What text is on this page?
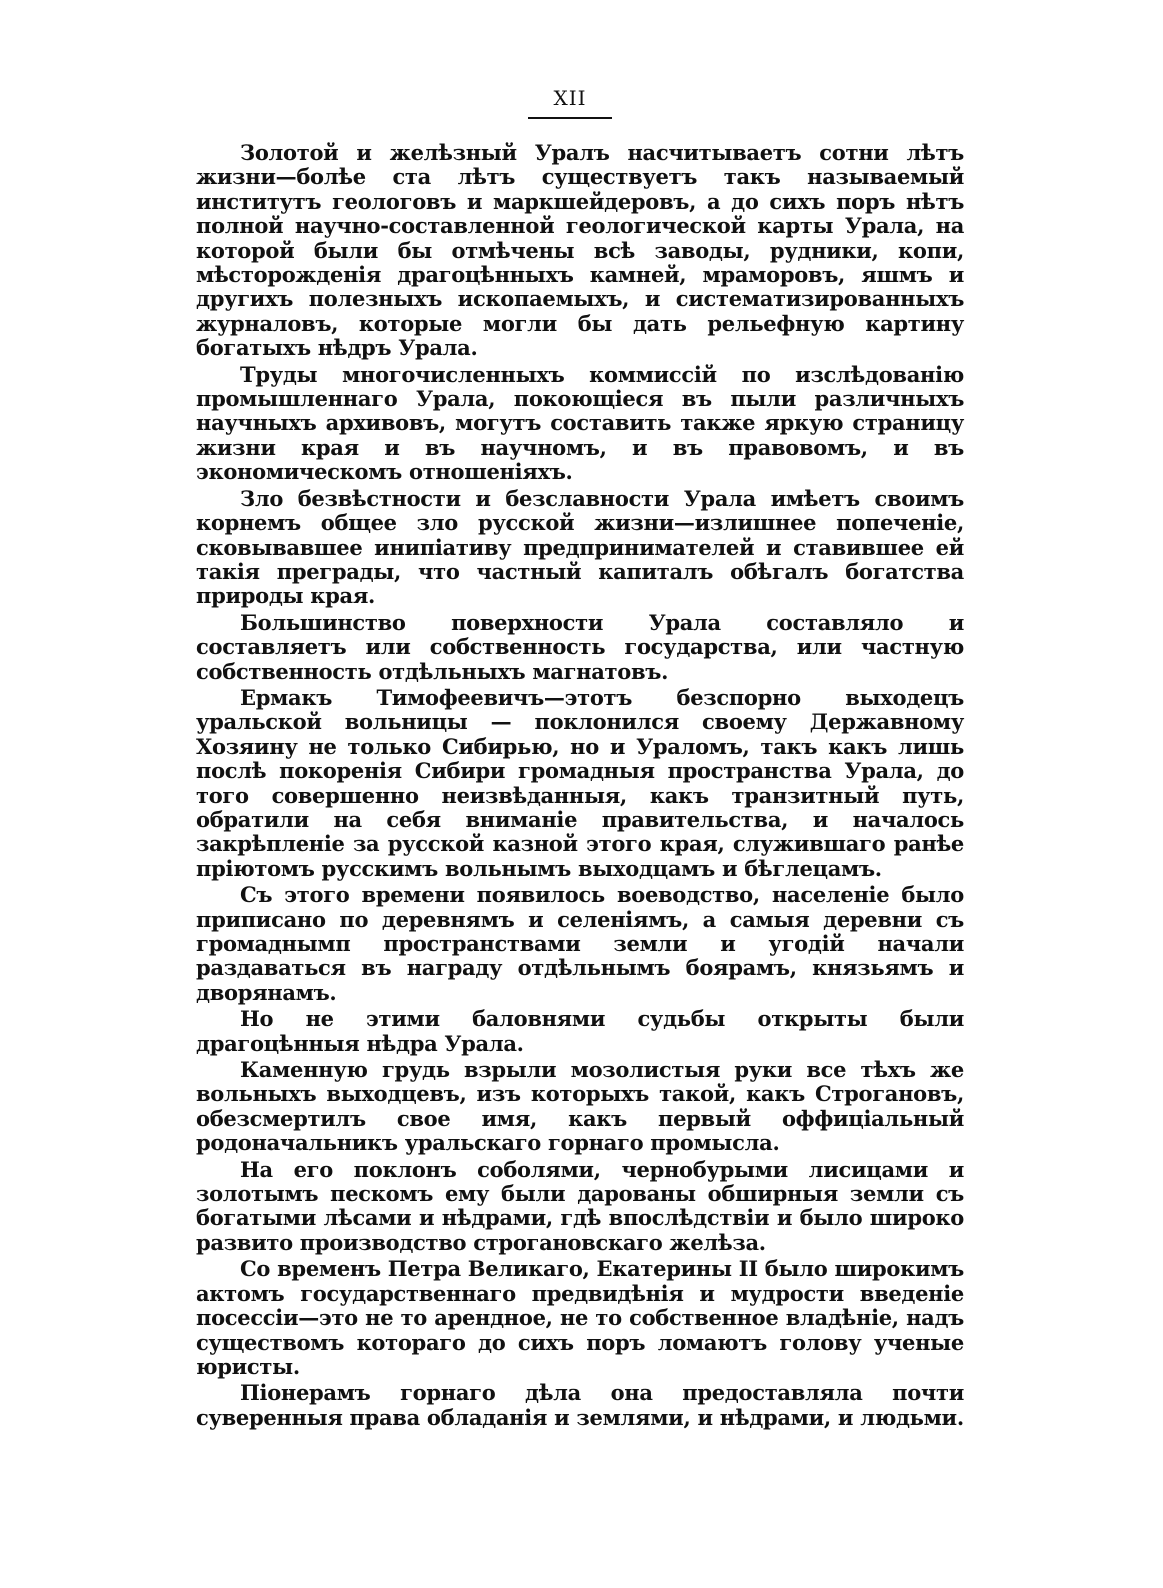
XII

Золотой и желѣзный Уралъ насчитываетъ сотни лѣтъ жизни—болѣе ста лѣтъ существуетъ такъ называемый институтъ геологовъ и маркшейдеровъ, а до сихъ поръ нѣтъ полной научно-составленной геологической карты Урала, на которой были бы отмѣчены всѣ заводы, рудники, копи, мѣсторожденія драгоцѣнныхъ камней, мраморовъ, яшмъ и другихъ полезныхъ ископаемыхъ, и систематизированныхъ журналовъ, которые могли бы дать рельефную картину богатыхъ нѣдръ Урала.

Труды многочисленныхъ коммиссій по изслѣдованію промышленнаго Урала, покоющіеся въ пыли различныхъ научныхъ архивовъ, могутъ составить также яркую страницу жизни края и въ научномъ, и въ правовомъ, и въ экономическомъ отношеніяхъ.

Зло безвѣстности и безславности Урала имѣетъ своимъ корнемъ общее зло русской жизни—излишнее попеченіе, сковывавшее инипіативу предпринимателей и ставившее ей такія преграды, что частный капиталъ обѣгалъ богатства природы края.

Большинство поверхности Урала составляло и составляетъ или собственность государства, или частную собственность отдѣльныхъ магнатовъ.

Ермакъ Тимофеевичъ—этотъ безспорно выходецъ уральской вольницы — поклонился своему Державному Хозяину не только Сибирью, но и Ураломъ, такъ какъ лишь послѣ покоренія Сибири громадныя пространства Урала, до того совершенно неизвѣданныя, какъ транзитный путь, обратили на себя вниманіе правительства, и началось закрѣпленіе за русской казной этого края, служившаго ранѣе пріютомъ русскимъ вольнымъ выходцамъ и бѣглецамъ.

Съ этого времени появилось воеводство, населеніе было приписано по деревнямъ и селеніямъ, а самыя деревни съ громаднымп пространствами земли и угодій начали раздаваться въ награду отдѣльнымъ боярамъ, князьямъ и дворянамъ.

Но не этими баловнями судьбы открыты были драгоцѣнныя нѣдра Урала.

Каменную грудь взрыли мозолистыя руки все тѣхъ же вольныхъ выходцевъ, изъ которыхъ такой, какъ Строгановъ, обезсмертилъ свое имя, какъ первый оффиціальный родоначальникъ уральскаго горнаго промысла.

На его поклонъ соболями, чернобурыми лисицами и золотымъ пескомъ ему были дарованы обширныя земли съ богатыми лѣсами и нѣдрами, гдѣ впослѣдствіи и было широко развито производство строгановскаго желѣза.

Со временъ Петра Великаго, Екатерины II было широкимъ актомъ государственнаго предвидѣнія и мудрости введеніе посессіи—это не то арендное, не то собственное владѣніе, надъ существомъ котораго до сихъ поръ ломаютъ голову ученые юристы.

Піонерамъ горнаго дѣла она предоставляла почти суверенныя права обладанія и землями, и нѣдрами, и людьми.
